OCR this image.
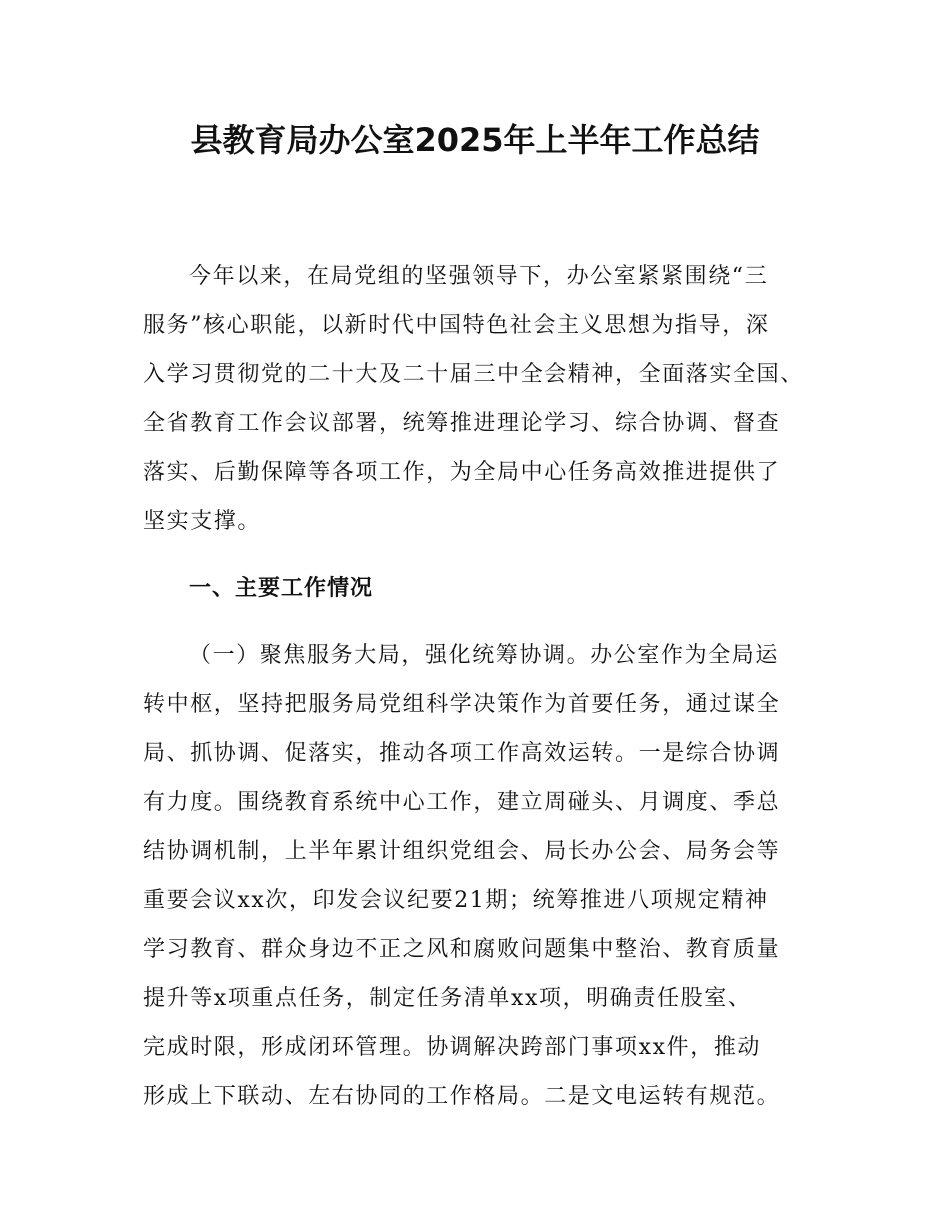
县教育局办公室2025年上半年工作总结
今年以来，在局党组的坚强领导下，办公室紧紧围绕“三
服务”核心职能，以新时代中国特色社会主义思想为指导，深
入学习贯彻党的二十大及二十届三中全会精神，全面落实全国、
全省教育工作会议部署，统筹推进理论学习、综合协调、督查
落实、后勤保障等各项工作，为全局中心任务高效推进提供了
坚实支撑。
一、主要工作情况
（一）聚焦服务大局，强化统筹协调。办公室作为全局运
转中枢，坚持把服务局党组科学决策作为首要任务，通过谋全
局、抓协调、促落实，推动各项工作高效运转。一是综合协调
有力度。围绕教育系统中心工作，建立周碰头、月调度、季总
结协调机制，上半年累计组织党组会、局长办公会、局务会等
重要会议xx次，印发会议纪要21期；统筹推进八项规定精神
学习教育、群众身边不正之风和腐败问题集中整治、教育质量
提升等x项重点任务，制定任务清单xx项，明确责任股室、
完成时限，形成闭环管理。协调解决跨部门事项xx件，推动
形成上下联动、左右协同的工作格局。二是文电运转有规范。
